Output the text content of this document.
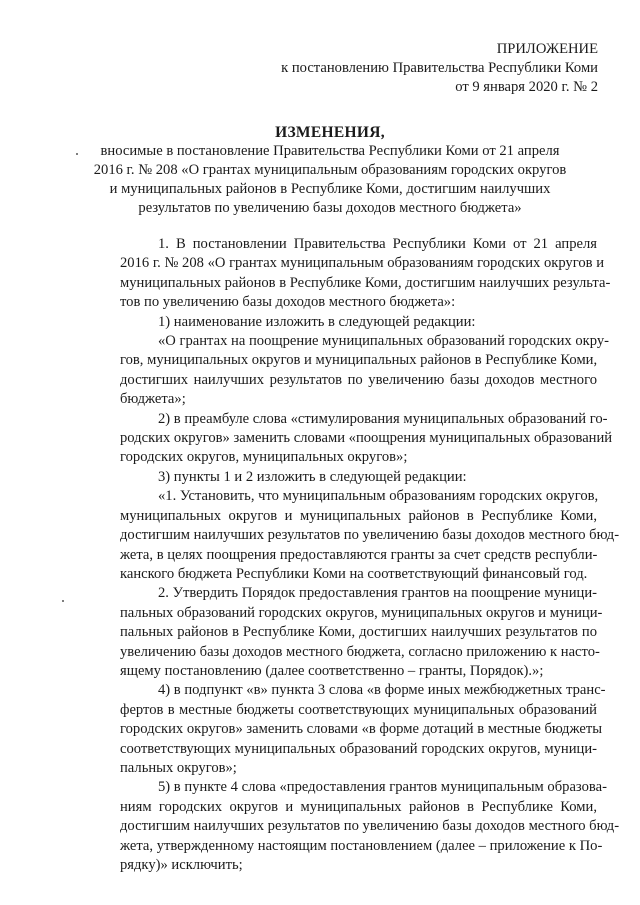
ПРИЛОЖЕНИЕ
к постановлению Правительства Республики Коми
от 9 января 2020 г. № 2
ИЗМЕНЕНИЯ,
вносимые в постановление Правительства Республики Коми от 21 апреля
2016 г. № 208 «О грантах муниципальным образованиям городских округов
и муниципальных районов в Республике Коми, достигшим наилучших
результатов по увеличению базы доходов местного бюджета»
1. В постановлении Правительства Республики Коми от 21 апреля
2016 г. № 208 «О грантах муниципальным образованиям городских округов и
муниципальных районов в Республике Коми, достигшим наилучших результа-
тов по увеличению базы доходов местного бюджета»:
1) наименование изложить в следующей редакции:
«О грантах на поощрение муниципальных образований городских окру-
гов, муниципальных округов и муниципальных районов в Республике Коми,
достигших наилучших результатов по увеличению базы доходов местного
бюджета»;
2) в преамбуле слова «стимулирования муниципальных образований го-
родских округов» заменить словами «поощрения муниципальных образований
городских округов, муниципальных округов»;
3) пункты 1 и 2 изложить в следующей редакции:
«1. Установить, что муниципальным образованиям городских округов,
муниципальных округов и муниципальных районов в Республике Коми,
достигшим наилучших результатов по увеличению базы доходов местного бюд-
жета, в целях поощрения предоставляются гранты за счет средств республи-
канского бюджета Республики Коми на соответствующий финансовый год.
2. Утвердить Порядок предоставления грантов на поощрение муници-
пальных образований городских округов, муниципальных округов и муници-
пальных районов в Республике Коми, достигших наилучших результатов по
увеличению базы доходов местного бюджета, согласно приложению к насто-
ящему постановлению (далее соответственно – гранты, Порядок).»;
4) в подпункт «в» пункта 3 слова «в форме иных межбюджетных транс-
фертов в местные бюджеты соответствующих муниципальных образований
городских округов» заменить словами «в форме дотаций в местные бюджеты
соответствующих муниципальных образований городских округов, муници-
пальных округов»;
5) в пункте 4 слова «предоставления грантов муниципальным образова-
ниям городских округов и муниципальных районов в Республике Коми,
достигшим наилучших результатов по увеличению базы доходов местного бюд-
жета, утвержденному настоящим постановлением (далее – приложение к По-
рядку)» исключить;
